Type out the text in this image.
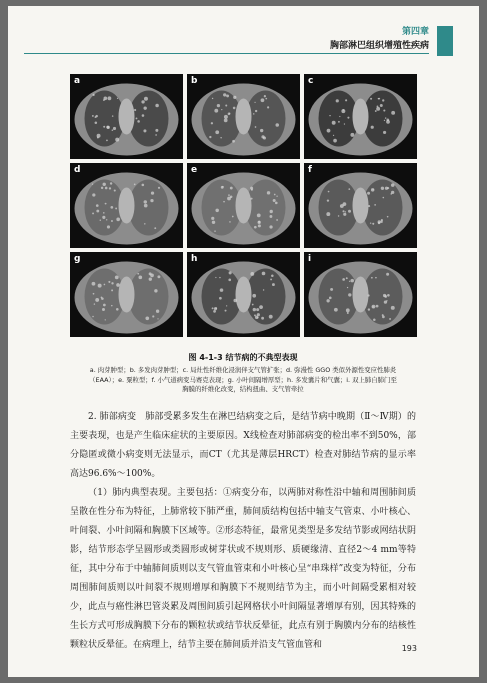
第四章
胸部淋巴组织增殖性疾病
a	b	c
d	e	f
g	h	i
图 4-1-3 结节病的不典型表现
a. 肉芽肿型；b. 多发肉芽肿型；c. 局灶性纤维化浸润伴支气管扩张；d. 弥漫性 GGO 类似外源性变应性肺炎
（EAA）；e. 粟粒型；f. 小气道病变马赛克表现；g. 小叶间隔增厚型；h. 多发囊片和气囊；i. 双上肺自肺门至
胸膜的纤维化改变，结构扭曲、支气管牵拉

2. 肺部病变　肺部受累多发生在淋巴结病变之后，是结节病中晚期（Ⅱ～Ⅳ期）的主要表现，也是产生临床症状的主要原因。X线检查对肺部病变的检出率不到50%，部分隐匿或微小病变则无法显示，而CT（尤其是薄层HRCT）检查对肺结节病的显示率高达96.6%～100%。

（1）肺内典型表现。主要包括：①病变分布，以两肺对称性沿中轴和周围肺间质呈散在性分布为特征，上肺常较下肺严重，肺间质结构包括中轴支气管束、小叶核心、叶间裂、小叶间隔和胸膜下区域等。②形态特征，最常见类型是多发结节影或网结状阴影，结节形态学呈圆形或类圆形或树芽状或不规则形、质硬缘清、直径2～4 mm等特征，其中分布于中轴肺间质则以支气管血管束和小叶核心呈“串珠样”改变为特征，分布周围肺间质则以叶间裂不规则增厚和胸膜下不规则结节为主，而小叶间隔受累相对较少，此点与癌性淋巴管炎累及周围间质引起网格状小叶间隔显著增厚有别，因其特殊的生长方式可形成胸膜下分布的颗粒状或结节状反晕征，此点有别于胸膜内分布的结核性颗粒状反晕征。在病理上，结节主要在肺间质并沿支气管血管和	193
